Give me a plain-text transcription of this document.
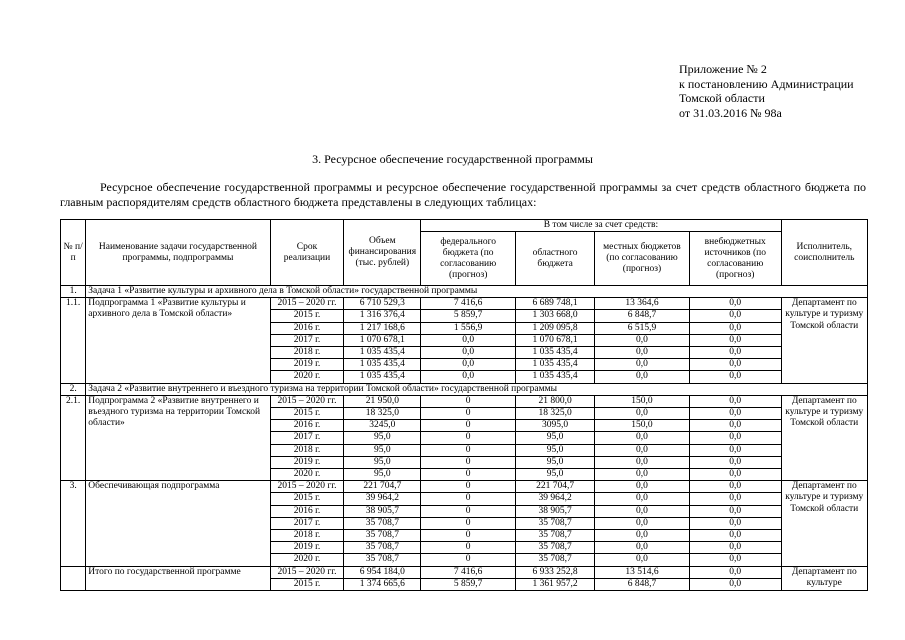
Приложение № 2
к постановлению Администрации
Томской области
от 31.03.2016 № 98а
3. Ресурсное обеспечение государственной программы
Ресурсное обеспечение государственной программы и ресурсное обеспечение государственной программы за счет средств областного бюджета по главным распорядителям средств областного бюджета представлены в следующих таблицах:
№ п/п	Наименование задачи государственной программы, подпрограммы	Срок реализации	Объем финансирования (тыс. рублей)	В том числе за счет средств:				Исполнитель, соисполнитель
				федерального бюджета (по согласованию (прогноз)	областного бюджета	местных бюджетов (по согласованию (прогноз)	внебюджетных источников (по согласованию (прогноз)	
1.	Задача 1 «Развитие культуры и архивного дела в Томской области» государственной программы							
1.1.	Подпрограмма 1 «Развитие культуры и архивного дела в Томской области»	2015 – 2020 гг.	6 710 529,3	7 416,6	6 689 748,1	13 364,6	0,0	Департамент по культуре и туризму Томской области
		2015 г.	1 316 376,4	5 859,7	1 303 668,0	6 848,7	0,0	
		2016 г.	1 217 168,6	1 556,9	1 209 095,8	6 515,9	0,0	
		2017 г.	1 070 678,1	0,0	1 070 678,1	0,0	0,0	
		2018 г.	1 035 435,4	0,0	1 035 435,4	0,0	0,0	
		2019 г.	1 035 435,4	0,0	1 035 435,4	0,0	0,0	
		2020 г.	1 035 435,4	0,0	1 035 435,4	0,0	0,0	
2.	Задача 2 «Развитие внутреннего и въездного туризма на территории Томской области» государственной программы							
2.1.	Подпрограмма 2 «Развитие внутреннего и въездного туризма на территории Томской области»	2015 – 2020 гг.	21 950,0	0	21 800,0	150,0	0,0	Департамент по культуре и туризму Томской области
		2015 г.	18 325,0	0	18 325,0	0,0	0,0	
		2016 г.	3245,0	0	3095,0	150,0	0,0	
		2017 г.	95,0	0	95,0	0,0	0,0	
		2018 г.	95,0	0	95,0	0,0	0,0	
		2019 г.	95,0	0	95,0	0,0	0,0	
		2020 г.	95,0	0	95,0	0,0	0,0	
3.	Обеспечивающая подпрограмма	2015 – 2020 гг.	221 704,7	0	221 704,7	0,0	0,0	Департамент по культуре и туризму Томской области
		2015 г.	39 964,2	0	39 964,2	0,0	0,0	
		2016 г.	38 905,7	0	38 905,7	0,0	0,0	
		2017 г.	35 708,7	0	35 708,7	0,0	0,0	
		2018 г.	35 708,7	0	35 708,7	0,0	0,0	
		2019 г.	35 708,7	0	35 708,7	0,0	0,0	
		2020 г.	35 708,7	0	35 708,7	0,0	0,0	
	Итого по государственной программе	2015 – 2020 гг.	6 954 184,0	7 416,6	6 933 252,8	13 514,6	0,0	Департамент по культуре
		2015 г.	1 374 665,6	5 859,7	1 361 957,2	6 848,7	0,0	
